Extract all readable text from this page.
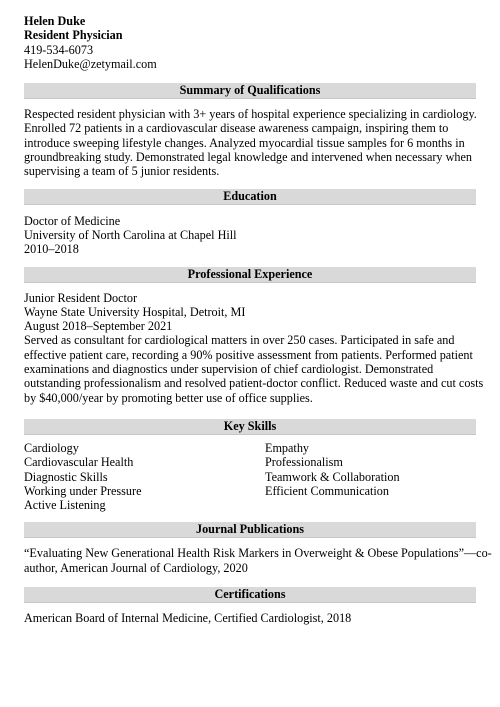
Helen Duke
Resident Physician
419-534-6073
HelenDuke@zetymail.com
Summary of Qualifications
Respected resident physician with 3+ years of hospital experience specializing in cardiology.
Enrolled 72 patients in a cardiovascular disease awareness campaign, inspiring them to
introduce sweeping lifestyle changes. Analyzed myocardial tissue samples for 6 months in
groundbreaking study. Demonstrated legal knowledge and intervened when necessary when
supervising a team of 5 junior residents.
Education
Doctor of Medicine
University of North Carolina at Chapel Hill
2010–2018
Professional Experience
Junior Resident Doctor
Wayne State University Hospital, Detroit, MI
August 2018–September 2021
Served as consultant for cardiological matters in over 250 cases. Participated in safe and
effective patient care, recording a 90% positive assessment from patients. Performed patient
examinations and diagnostics under supervision of chief cardiologist. Demonstrated
outstanding professionalism and resolved patient-doctor conflict. Reduced waste and cut costs
by $40,000/year by promoting better use of office supplies.
Key Skills
Cardiology
Cardiovascular Health
Diagnostic Skills
Working under Pressure
Active Listening
Empathy
Professionalism
Teamwork & Collaboration
Efficient Communication
Journal Publications
“Evaluating New Generational Health Risk Markers in Overweight & Obese Populations”—co-
author, American Journal of Cardiology, 2020
Certifications
American Board of Internal Medicine, Certified Cardiologist, 2018
